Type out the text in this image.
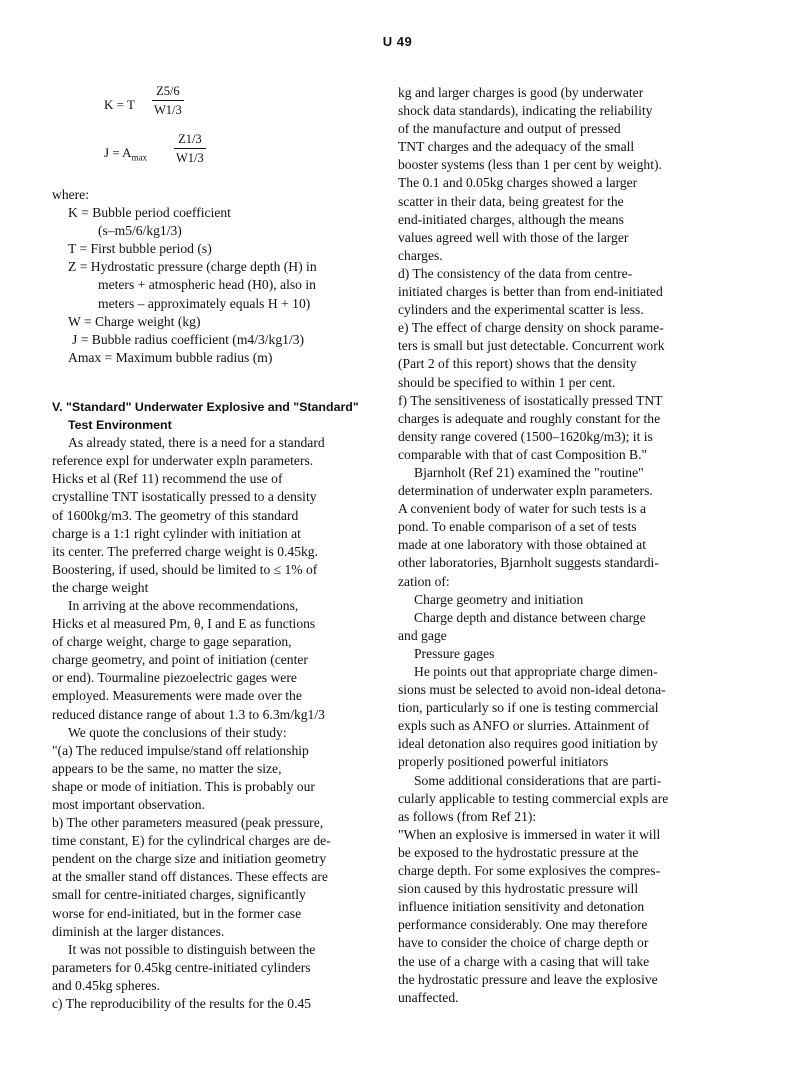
U 49
K = T $\frac{Z5/6}{W1/3}$
$J = A_{max} \frac{Z1/3}{W1/3}$
where:

K = Bubble period coefficient

(s–m5/6/kg1/3)

T = First bubble period (s)

Z = Hydrostatic pressure (charge depth (H) in

meters + atmospheric head (H0), also in

meters – approximately equals H + 10)

W = Charge weight (kg)

J = Bubble radius coefficient (m4/3/kg1/3)

Amax = Maximum bubble radius (m)

V. "Standard" Underwater Explosive and "Standard"
Test Environment

As already stated, there is a need for a standard

reference expl for underwater expln parameters.

Hicks et al (Ref 11) recommend the use of

crystalline TNT isostatically pressed to a density

of 1600kg/m3. The geometry of this standard

charge is a 1:1 right cylinder with initiation at

its center. The preferred charge weight is 0.45kg.

Boostering, if used, should be limited to ≤ 1% of

the charge weight

In arriving at the above recommendations,

Hicks et al measured Pm, θ, I and E as functions

of charge weight, charge to gage separation,

charge geometry, and point of initiation (center

or end). Tourmaline piezoelectric gages were

employed. Measurements were made over the

reduced distance range of about 1.3 to 6.3m/kg1/3

We quote the conclusions of their study:

"(a) The reduced impulse/stand off relationship

appears to be the same, no matter the size,

shape or mode of initiation. This is probably our

most important observation.

b) The other parameters measured (peak pressure,

time constant, E) for the cylindrical charges are de-

pendent on the charge size and initiation geometry

at the smaller stand off distances. These effects are

small for centre-initiated charges, significantly

worse for end-initiated, but in the former case

diminish at the larger distances.

It was not possible to distinguish between the

parameters for 0.45kg centre-initiated cylinders

and 0.45kg spheres.

c) The reproducibility of the results for the 0.45

kg and larger charges is good (by underwater

shock data standards), indicating the reliability

of the manufacture and output of pressed

TNT charges and the adequacy of the small

booster systems (less than 1 per cent by weight).

The 0.1 and 0.05kg charges showed a larger

scatter in their data, being greatest for the

end-initiated charges, although the means

values agreed well with those of the larger

charges.

d) The consistency of the data from centre-

initiated charges is better than from end-initiated

cylinders and the experimental scatter is less.

e) The effect of charge density on shock parame-

ters is small but just detectable. Concurrent work

(Part 2 of this report) shows that the density

should be specified to within 1 per cent.

f) The sensitiveness of isostatically pressed TNT

charges is adequate and roughly constant for the

density range covered (1500–1620kg/m3); it is

comparable with that of cast Composition B."

Bjarnholt (Ref 21) examined the "routine"

determination of underwater expln parameters.

A convenient body of water for such tests is a

pond. To enable comparison of a set of tests

made at one laboratory with those obtained at

other laboratories, Bjarnholt suggests standardi-

zation of:

Charge geometry and initiation

Charge depth and distance between charge

and gage

Pressure gages

He points out that appropriate charge dimen-

sions must be selected to avoid non-ideal detona-

tion, particularly so if one is testing commercial

expls such as ANFO or slurries. Attainment of

ideal detonation also requires good initiation by

properly positioned powerful initiators

Some additional considerations that are parti-

cularly applicable to testing commercial expls are

as follows (from Ref 21):

"When an explosive is immersed in water it will

be exposed to the hydrostatic pressure at the

charge depth. For some explosives the compres-

sion caused by this hydrostatic pressure will

influence initiation sensitivity and detonation

performance considerably. One may therefore

have to consider the choice of charge depth or

the use of a charge with a casing that will take

the hydrostatic pressure and leave the explosive

unaffected.
